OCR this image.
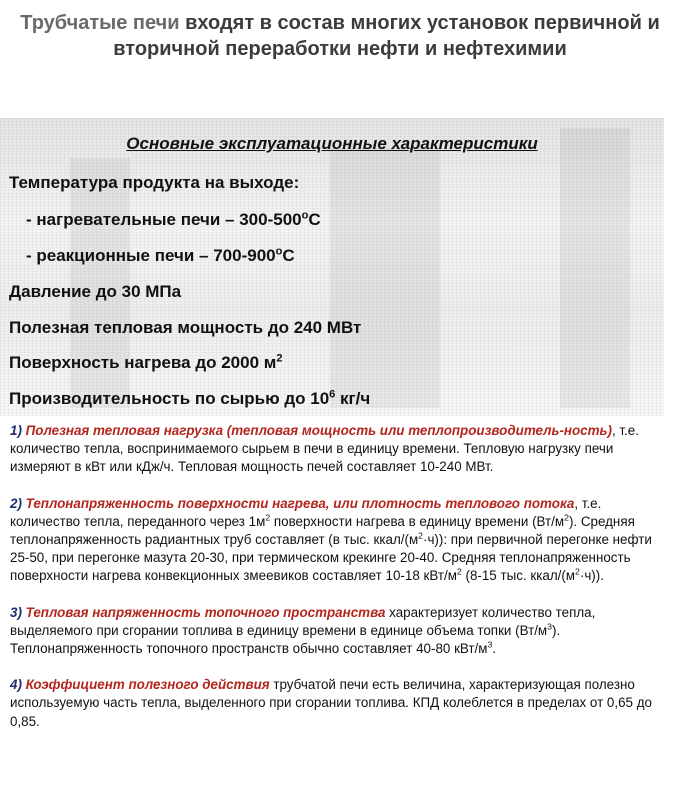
Трубчатые печи входят в состав многих установок первичной и вторичной переработки нефти и нефтехимии
Основные эксплуатационные характеристики
Температура продукта на выходе:
- нагревательные печи – $300-500^оС$
- реакционные печи – $700-900^оС$
Давление до 30 МПа
Полезная тепловая мощность до 240 МВт
Поверхность нагрева до 2000 $м^2$
Производительность по сырью до $10^6$ кг/ч
1) Полезная тепловая нагрузка (тепловая мощность или теплопроизводитель-ность), т.е. количество тепла, воспринимаемого сырьем в печи в единицу времени. Тепловую нагрузку печи измеряют в кВт или кДж/ч. Тепловая мощность печей составляет 10-240 МВт.
2) Теплонапряженность поверхности нагрева, или плотность теплового потока, т.е. количество тепла, переданного через $1м^2$ поверхности нагрева в единицу времени $(Вт/м^2)$. Средняя теплонапряженность радиантных труб составляет (в тыс. ккал/$(м^2\cdot ч)$): при первичной перегонке нефти 25-50, при перегонке мазута 20-30, при термическом крекинге 20-40. Средняя теплонапряженность поверхности нагрева конвекционных змеевиков составляет 10-18 кВт/$м^2$ (8-15 тыс. ккал/$(м^2\cdot ч)$).
3) Тепловая напряженность топочного пространства характеризует количество тепла, выделяемого при сгорании топлива в единицу времени в единице объема топки $(Вт/м^3)$. Теплонапряженность топочного пространств обычно составляет 40-80 кВт/$м^3$.
4) Коэффициент полезного действия трубчатой печи есть величина, характеризующая полезно используемую часть тепла, выделенного при сгорании топлива. КПД колеблется в пределах от 0,65 до 0,85.
